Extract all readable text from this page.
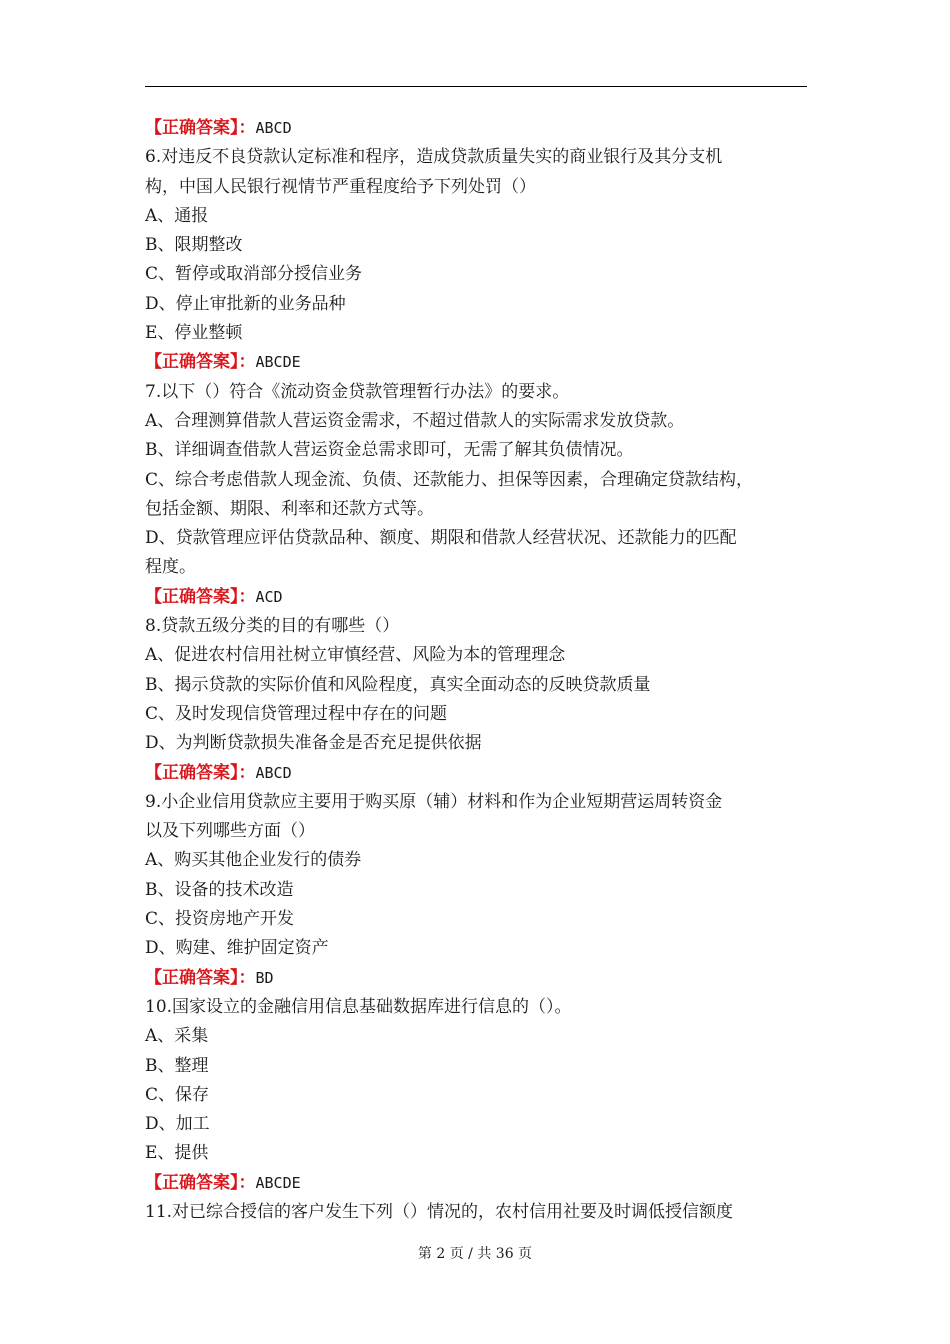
【正确答案】：ABCD
6.对违反不良贷款认定标准和程序，造成贷款质量失实的商业银行及其分支机
构，中国人民银行视情节严重程度给予下列处罚（）
A、通报
B、限期整改
C、暂停或取消部分授信业务
D、停止审批新的业务品种
E、停业整顿
【正确答案】：ABCDE
7.以下（）符合《流动资金贷款管理暂行办法》的要求。
A、合理测算借款人营运资金需求，不超过借款人的实际需求发放贷款。
B、详细调查借款人营运资金总需求即可，无需了解其负债情况。
C、综合考虑借款人现金流、负债、还款能力、担保等因素，合理确定贷款结构，
包括金额、期限、利率和还款方式等。
D、贷款管理应评估贷款品种、额度、期限和借款人经营状况、还款能力的匹配
程度。
【正确答案】：ACD
8.贷款五级分类的目的有哪些（）
A、促进农村信用社树立审慎经营、风险为本的管理理念
B、揭示贷款的实际价值和风险程度，真实全面动态的反映贷款质量
C、及时发现信贷管理过程中存在的问题
D、为判断贷款损失准备金是否充足提供依据
【正确答案】：ABCD
9.小企业信用贷款应主要用于购买原（辅）材料和作为企业短期营运周转资金
以及下列哪些方面（）
A、购买其他企业发行的债券
B、设备的技术改造
C、投资房地产开发
D、购建、维护固定资产
【正确答案】：BD
10.国家设立的金融信用信息基础数据库进行信息的（）。
A、采集
B、整理
C、保存
D、加工
E、提供
【正确答案】：ABCDE
11.对已综合授信的客户发生下列（）情况的，农村信用社要及时调低授信额度
第 2 页 / 共 36 页
